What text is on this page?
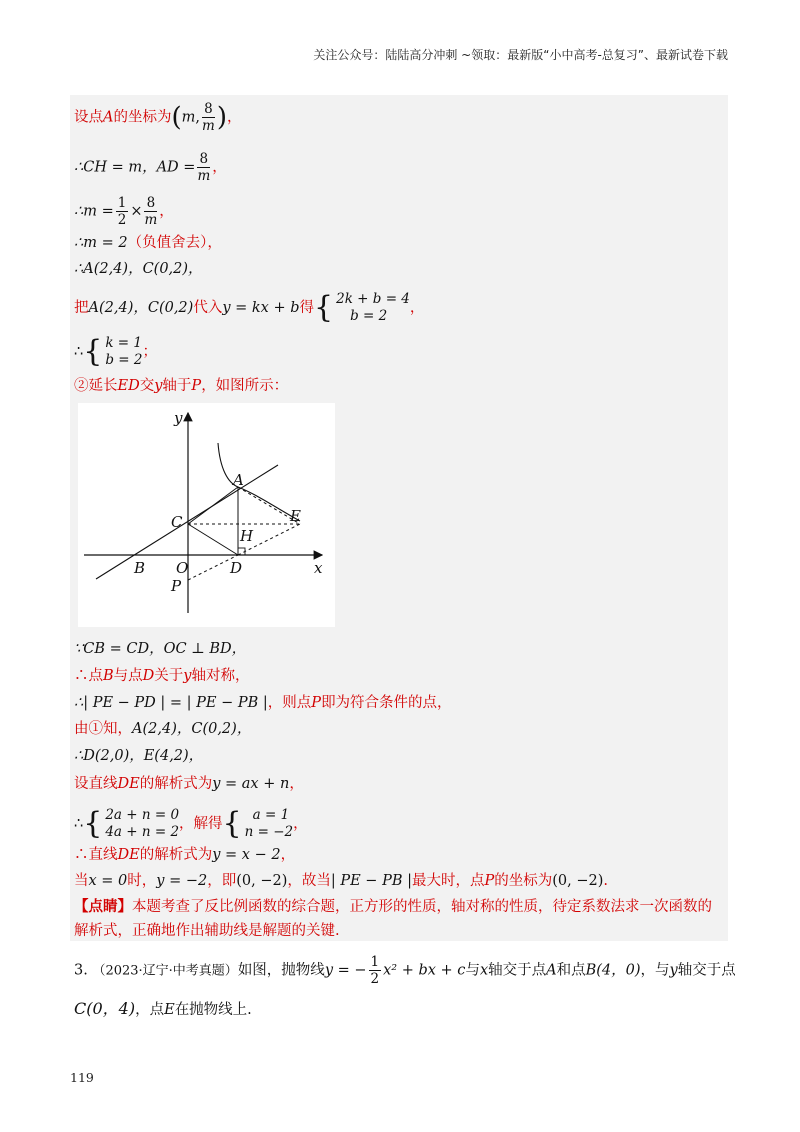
关注公众号：陆陆高分冲刺 ~领取：最新版“小中高考-总复习”、最新试卷下载
设点A的坐标为(m, $\frac{8}{m}$ )，
∴CH = m，AD = $\frac{8}{m}$ ，
∴m = $\frac{1}{2} \times \frac{8}{m}$ ，
∴m = 2（负值舍去），
∴A(2,4)，C(0,2)，
把A(2,4)，C(0,2)代入y = kx + b得{ 2k + b = 4
b = 2	，
∴{ k = 1
b = 2 ；
②延长ED交y轴于P，如图所示：
y
x
A
C	E
H
B O	D
P
∵CB = CD，OC ⊥ BD，
∴点B与点D关于y轴对称，
∴| PE − PD | = | PE − PB |，则点P即为符合条件的点，
由①知，A(2,4)，C(0,2)，
∴D(2,0)，E(4,2)，
设直线DE的解析式为y = ax + n，
∴{ 2a + n = 0
4a + n = 2 ，解得{ a = 1
n = −2 ，
∴直线DE的解析式为y = x − 2，
当x = 0时，y = −2，即(0, −2)，故当| PE − PB |最大时，点P的坐标为(0, −2).
【点睛】本题考查了反比例函数的综合题，正方形的性质，轴对称的性质，待定系数法求一次函数的解析式，正确地作出辅助线是解题的关键.
3. （2023·辽宁·中考真题）如图，抛物线y = − $\frac{1}{2} x^2$ + bx + c与x轴交于点A和点B(4，0)，与y轴交于点
C(0，4)，点E在抛物线上.
119
